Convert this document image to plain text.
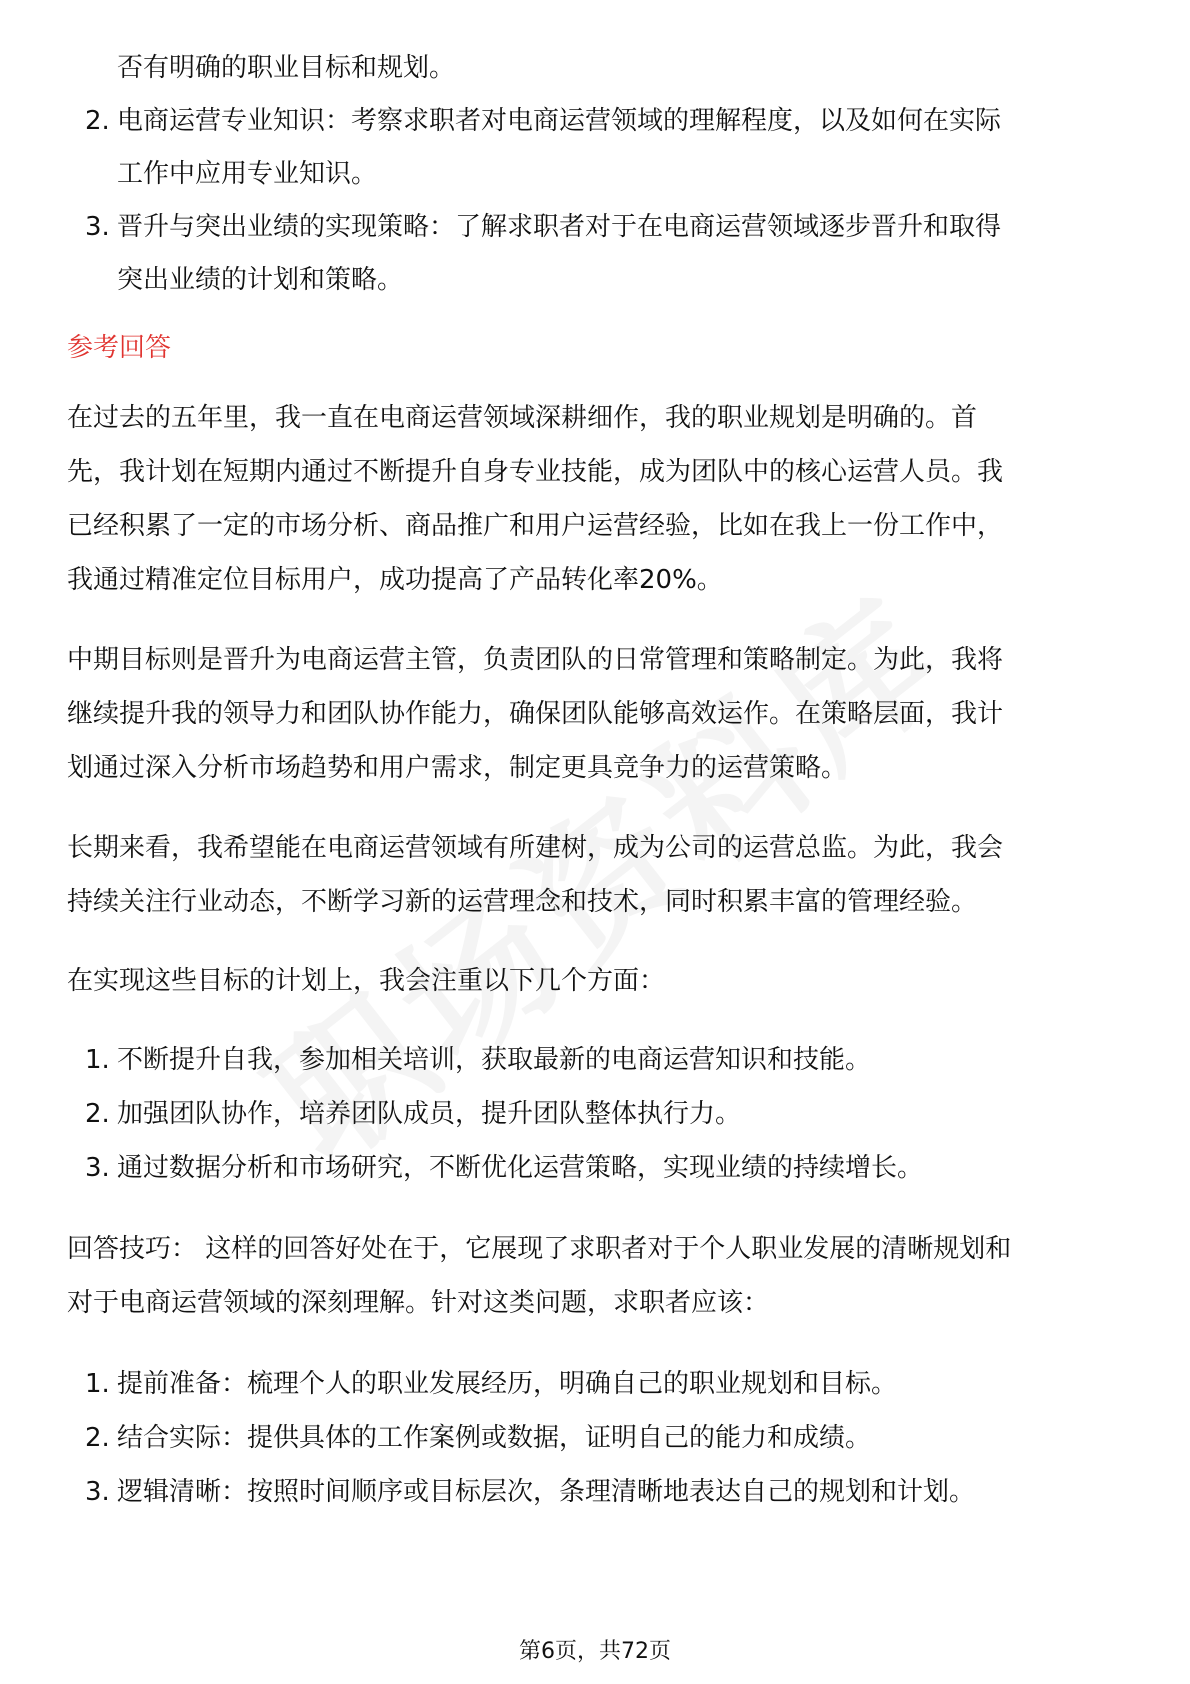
否有明确的职业目标和规划。
2. 电商运营专业知识：考察求职者对电商运营领域的理解程度，以及如何在实际
工作中应用专业知识。
3. 晋升与突出业绩的实现策略：了解求职者对于在电商运营领域逐步晋升和取得
突出业绩的计划和策略。
参考回答
在过去的五年里，我一直在电商运营领域深耕细作，我的职业规划是明确的。首
先，我计划在短期内通过不断提升自身专业技能，成为团队中的核心运营人员。我
已经积累了一定的市场分析、商品推广和用户运营经验，比如在我上一份工作中，
我通过精准定位目标用户，成功提高了产品转化率20%。
中期目标则是晋升为电商运营主管，负责团队的日常管理和策略制定。为此，我将
继续提升我的领导力和团队协作能力，确保团队能够高效运作。在策略层面，我计
划通过深入分析市场趋势和用户需求，制定更具竞争力的运营策略。
长期来看，我希望能在电商运营领域有所建树，成为公司的运营总监。为此，我会
持续关注行业动态，不断学习新的运营理念和技术，同时积累丰富的管理经验。
在实现这些目标的计划上，我会注重以下几个方面：
1. 不断提升自我，参加相关培训，获取最新的电商运营知识和技能。
2. 加强团队协作，培养团队成员，提升团队整体执行力。
3. 通过数据分析和市场研究，不断优化运营策略，实现业绩的持续增长。
回答技巧： 这样的回答好处在于，它展现了求职者对于个人职业发展的清晰规划和
对于电商运营领域的深刻理解。针对这类问题，求职者应该：
1. 提前准备：梳理个人的职业发展经历，明确自己的职业规划和目标。
2. 结合实际：提供具体的工作案例或数据，证明自己的能力和成绩。
3. 逻辑清晰：按照时间顺序或目标层次，条理清晰地表达自己的规划和计划。
第6页，共72页
